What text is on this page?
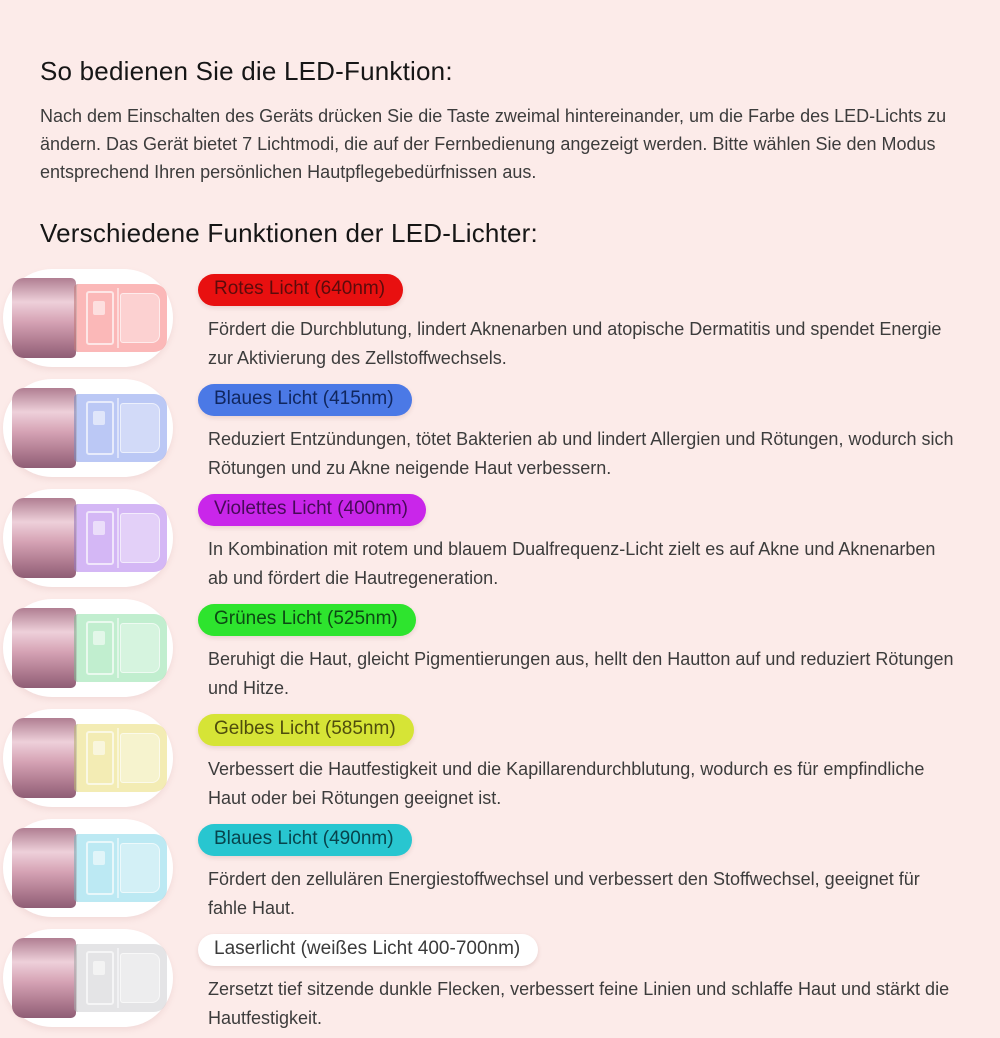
So bedienen Sie die LED-Funktion:

Nach dem Einschalten des Geräts drücken Sie die Taste zweimal hintereinander, um die Farbe des LED-Lichts zu ändern. Das Gerät bietet 7 Lichtmodi, die auf der Fernbedienung angezeigt werden. Bitte wählen Sie den Modus entsprechend Ihren persönlichen Hautpflegebedürfnissen aus.

Verschiedene Funktionen der LED-Lichter:
Rotes Licht (640nm)

Fördert die Durchblutung, lindert Aknenarben und atopische Dermatitis und spendet Energie zur Aktivierung des Zellstoffwechsels.

Blaues Licht (415nm)

Reduziert Entzündungen, tötet Bakterien ab und lindert Allergien und Rötungen, wodurch sich Rötungen und zu Akne neigende Haut verbessern.

Violettes Licht (400nm)

In Kombination mit rotem und blauem Dualfrequenz-Licht zielt es auf Akne und Aknenarben ab und fördert die Hautregeneration.

Grünes Licht (525nm)

Beruhigt die Haut, gleicht Pigmentierungen aus, hellt den Hautton auf und reduziert Rötungen und Hitze.

Gelbes Licht (585nm)

Verbessert die Hautfestigkeit und die Kapillarendurchblutung, wodurch es für empfindliche Haut oder bei Rötungen geeignet ist.

Blaues Licht (490nm)

Fördert den zellulären Energiestoffwechsel und verbessert den Stoffwechsel, geeignet für fahle Haut.

Laserlicht (weißes Licht 400-700nm)

Zersetzt tief sitzende dunkle Flecken, verbessert feine Linien und schlaffe Haut und stärkt die Hautfestigkeit.
